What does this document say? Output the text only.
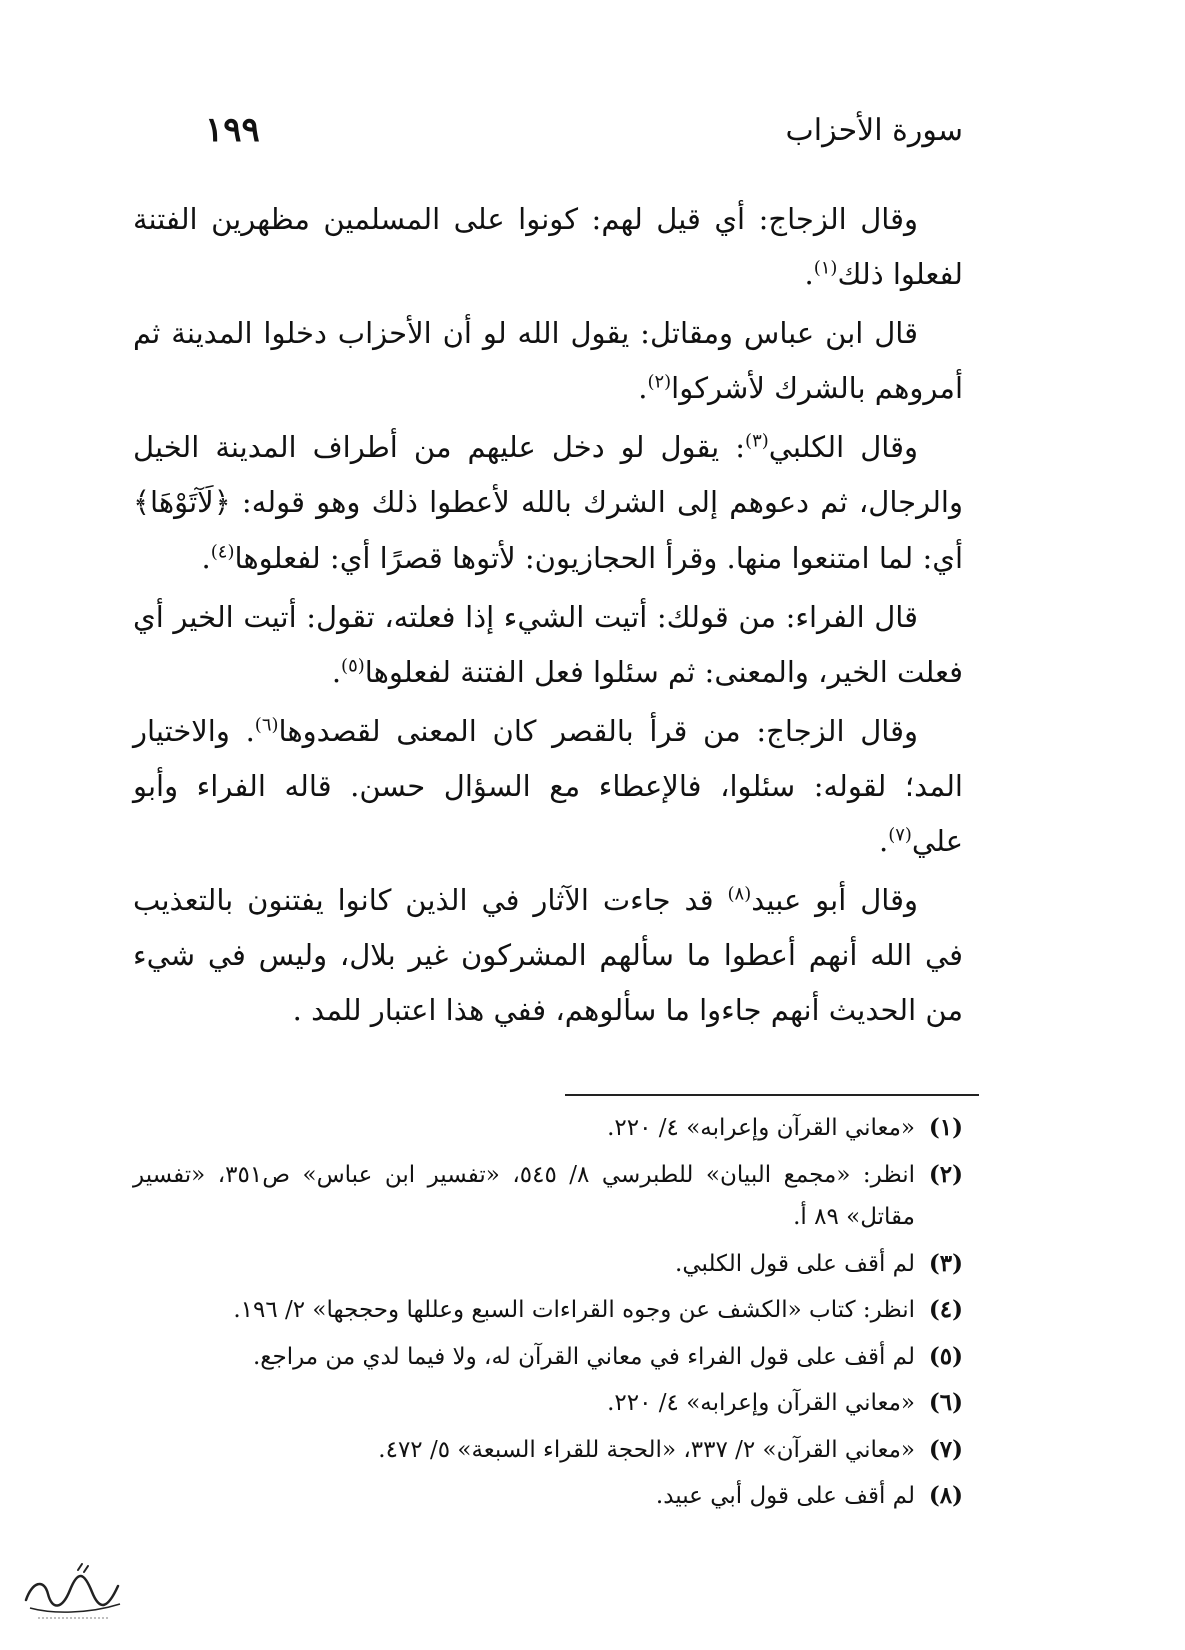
سورة الأحزاب
١٩٩

وقال الزجاج: أي قيل لهم: كونوا على المسلمين مظهرين الفتنة لفعلوا ذلك$^{(١)}$.

قال ابن عباس ومقاتل: يقول الله لو أن الأحزاب دخلوا المدينة ثم أمروهم بالشرك لأشركوا$^{(٢)}$.

وقال الكلبي$^{(٣)}$: يقول لو دخل عليهم من أطراف المدينة الخيل والرجال، ثم دعوهم إلى الشرك بالله لأعطوا ذلك وهو قوله: ﴿لَآتَوْهَا﴾ أي: لما امتنعوا منها. وقرأ الحجازيون: لأتوها قصرًا أي: لفعلوها$^{(٤)}$.

قال الفراء: من قولك: أتيت الشيء إذا فعلته، تقول: أتيت الخير أي فعلت الخير، والمعنى: ثم سئلوا فعل الفتنة لفعلوها$^{(٥)}$.

وقال الزجاج: من قرأ بالقصر كان المعنى لقصدوها$^{(٦)}$. والاختيار المد؛ لقوله: سئلوا، فالإعطاء مع السؤال حسن. قاله الفراء وأبو علي$^{(٧)}$.

وقال أبو عبيد$^{(٨)}$ قد جاءت الآثار في الذين كانوا يفتنون بالتعذيب في الله أنهم أعطوا ما سألهم المشركون غير بلال، وليس في شيء من الحديث أنهم جاءوا ما سألوهم، ففي هذا اعتبار للمد .

(١)
«معاني القرآن وإعرابه» ٤/ ٢٢٠.
(٢)
انظر: «مجمع البيان» للطبرسي ٨/ ٥٤٥، «تفسير ابن عباس» ص٣٥١، «تفسير مقاتل» ٨٩ أ.
(٣)
لم أقف على قول الكلبي.
(٤)
انظر: كتاب «الكشف عن وجوه القراءات السبع وعللها وحججها» ٢/ ١٩٦.
(٥)
لم أقف على قول الفراء في معاني القرآن له، ولا فيما لدي من مراجع.
(٦)
«معاني القرآن وإعرابه» ٤/ ٢٢٠.
(٧)
«معاني القرآن» ٢/ ٣٣٧، «الحجة للقراء السبعة» ٥/ ٤٧٢.
(٨)
لم أقف على قول أبي عبيد.
